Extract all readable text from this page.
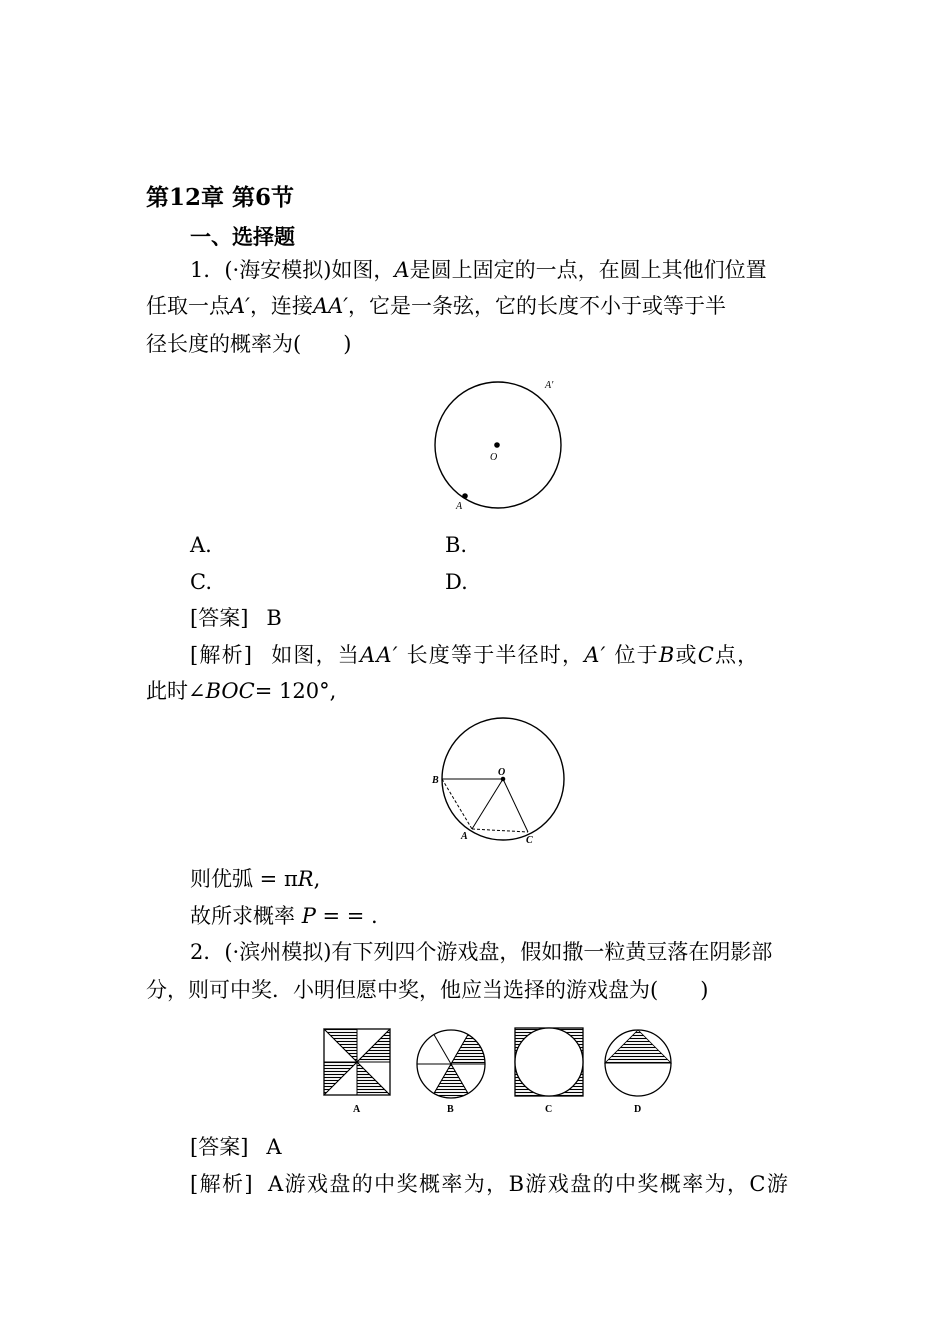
第12章 第6节
一、选择题
1．(·海安模拟)如图，A是圆上固定的一点，在圆上其他们位置
任取一点A′，连接AA′，它是一条弦，它的长度不小于或等于半
径长度的概率为(　　)
O
A
A′
A.	B.
C.	D.
[答案] B
[解析] 如图，当AA′ 长度等于半径时，A′ 位于B或C点，
此时∠BOC= 120°,
O
B
A	C
则优弧 = πR,
故所求概率 P = = .
2．(·滨州模拟)有下列四个游戏盘，假如撒一粒黄豆落在阴影部
分，则可中奖．小明但愿中奖，他应当选择的游戏盘为(　　)
A	B	C	D
[答案] A
[解析] A游戏盘的中奖概率为，B游戏盘的中奖概率为，C游
